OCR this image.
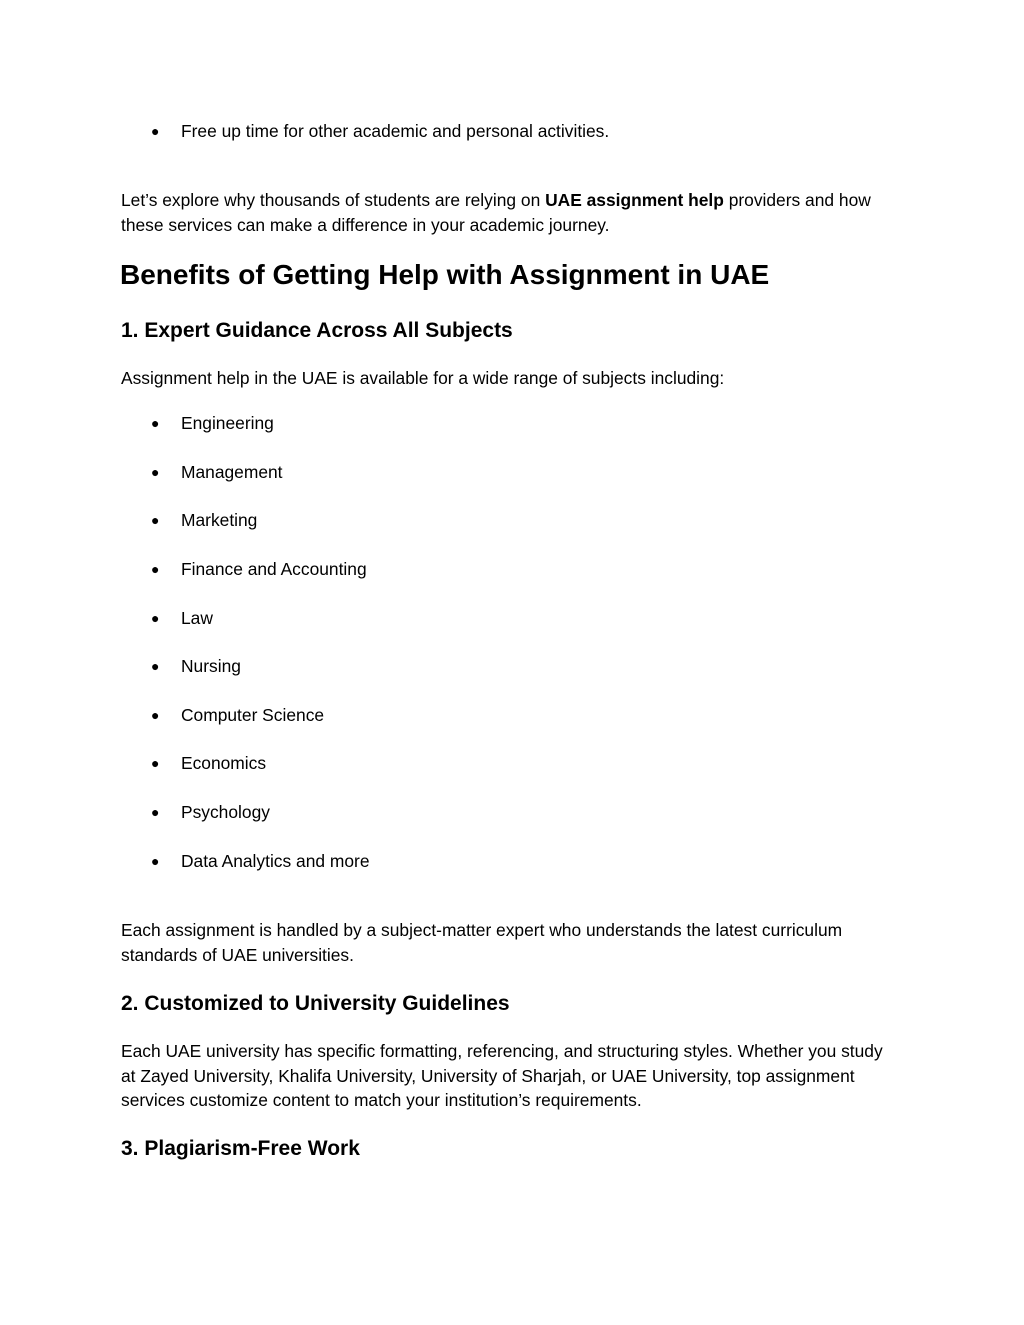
● Free up time for other academic and personal activities.

Let’s explore why thousands of students are relying on UAE assignment help providers and how these services can make a difference in your academic journey.

Benefits of Getting Help with Assignment in UAE
1. Expert Guidance Across All Subjects

Assignment help in the UAE is available for a wide range of subjects including:

● Engineering
● Management
● Marketing
● Finance and Accounting
● Law
● Nursing
● Computer Science
● Economics
● Psychology
● Data Analytics and more

Each assignment is handled by a subject-matter expert who understands the latest curriculum standards of UAE universities.

2. Customized to University Guidelines

Each UAE university has specific formatting, referencing, and structuring styles. Whether you study at Zayed University, Khalifa University, University of Sharjah, or UAE University, top assignment services customize content to match your institution’s requirements.

3. Plagiarism-Free Work
